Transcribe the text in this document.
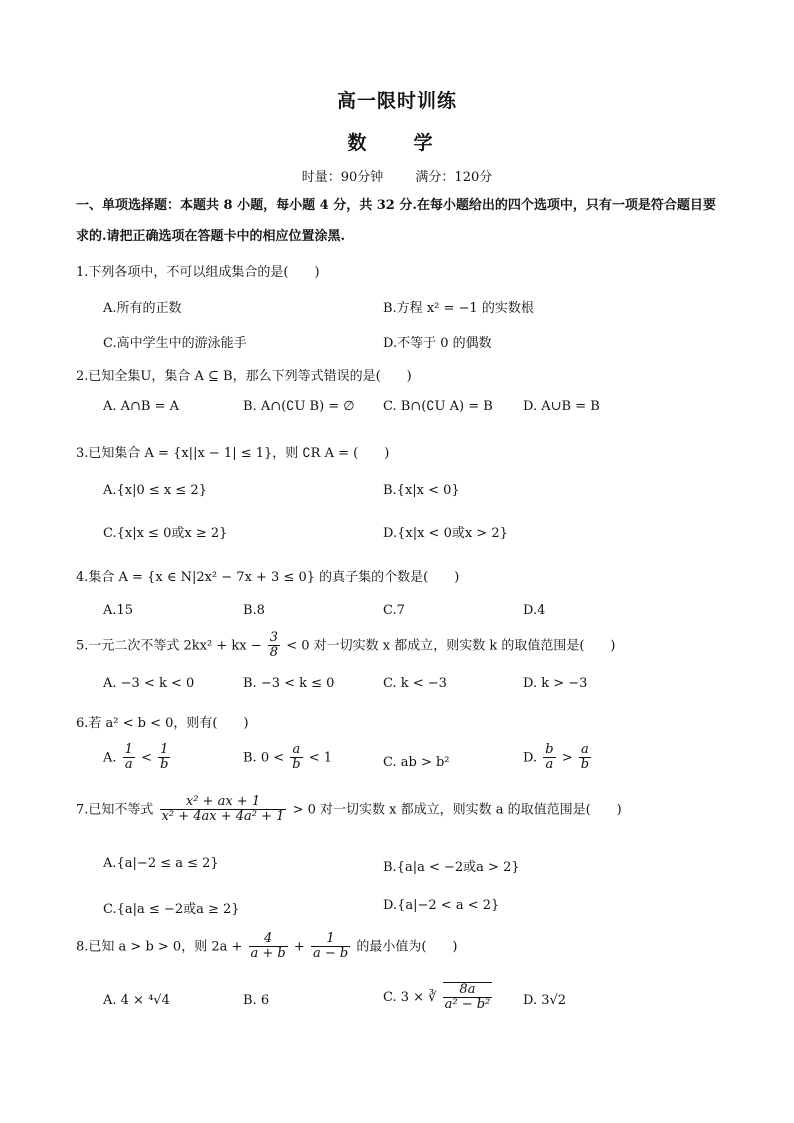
高一限时训练
数　学
时量：90分钟 满分：120分
一、单项选择题：本题共 8 小题，每小题 4 分，共 32 分.在每小题给出的四个选项中，只有一项是符合题目要求的.请把正确选项在答题卡中的相应位置涂黑.
1.下列各项中，不可以组成集合的是(　　)
A.所有的正数	B.方程 x² = −1 的实数根
C.高中学生中的游泳能手	D.不等于 0 的偶数
2.已知全集U，集合 A ⊆ B，那么下列等式错误的是(　　)
A. A∩B = A	B. A∩(∁U B) = ∅ C. B∩(∁U A) = B D. A∪B = B
3.已知集合 A = {x||x − 1| ≤ 1}，则 ∁R A = (　　)
A.{x|0 ≤ x ≤ 2}	B.{x|x < 0}
C.{x|x ≤ 0或x ≥ 2}	D.{x|x < 0或x > 2}
4.集合 A = {x ∈ N|2x² − 7x + 3 ≤ 0} 的真子集的个数是(　　)
A.15	B.8	C.7	D.4
5.一元二次不等式 2kx² + kx − $\frac{3}{8} < 0$ 对一切实数 x 都成立，则实数 k 的取值范围是(　　)
A. −3 < k < 0	B. −3 < k ≤ 0	C. k < −3	D. k > −3
6.若 a² < b < 0，则有(　　)
A. $\frac{1}{a} < \frac{1}{b}$	B. $0 < \frac{a}{b} < 1$	C. ab > b²	D. $\frac{b}{a} > \frac{a}{b}$
7.已知不等式 $\frac{\text{x² + ax + 1}}{\text{x² + 4ax + 4a² + 1}} > 0$ 对一切实数 x 都成立，则实数 a 的取值范围是(　　)
A.{a|−2 ≤ a ≤ 2}	B.{a|a < −2或a > 2}
C.{a|a ≤ −2或a ≥ 2}	D.{a|−2 < a < 2}
8.已知 a > b > 0，则 $2a + \frac{4}{a + b} + \frac{1}{a - b}$ 的最小值为(　　)
A. 4 × ⁴√4	B. 6	C. 3 × ∛ $\frac{8a}{\text{a² − b²}} D$. 3√2
